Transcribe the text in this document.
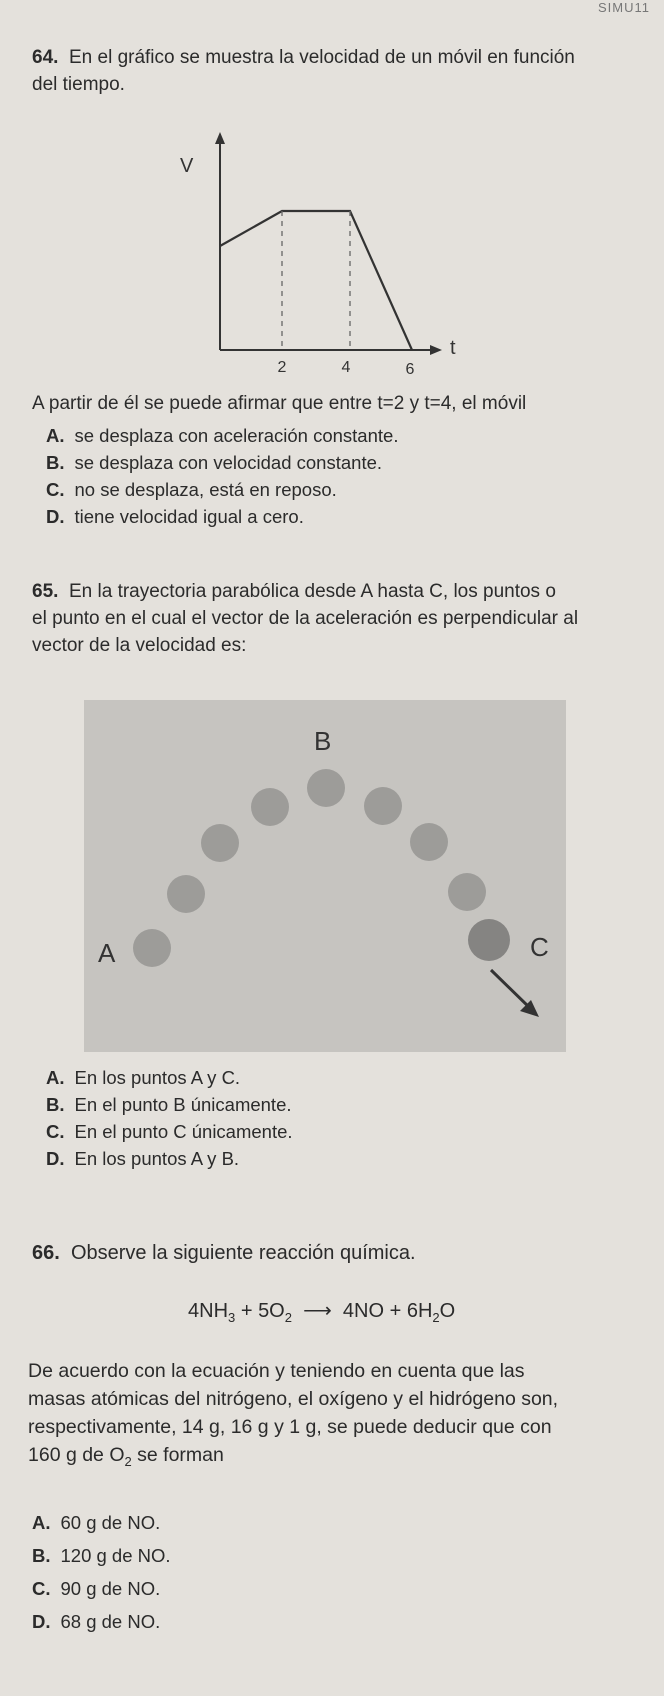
SIMU11
64. En el gráfico se muestra la velocidad de un móvil en función
del tiempo.
V
t
2	4	6
A partir de él se puede afirmar que entre t=2 y t=4, el móvil
A. se desplaza con aceleración constante.
B. se desplaza con velocidad constante.
C. no se desplaza, está en reposo.
D. tiene velocidad igual a cero.
65. En la trayectoria parabólica desde A hasta C, los puntos o
el punto en el cual el vector de la aceleración es perpendicular al
vector de la velocidad es:
B
A	C
A. En los puntos A y C.
B. En el punto B únicamente.
C. En el punto C únicamente.
D. En los puntos A y B.
66. Observe la siguiente reacción química.
$4NH_3 + 5O_2$ ⟶ $4NO + 6H_2O$
De acuerdo con la ecuación y teniendo en cuenta que las
masas atómicas del nitrógeno, el oxígeno y el hidrógeno son,
respectivamente, 14 g, 16 g y 1 g, se puede deducir que con
160 g de $O_2$ se forman
A. 60 g de NO.
B. 120 g de NO.
C. 90 g de NO.
D. 68 g de NO.
